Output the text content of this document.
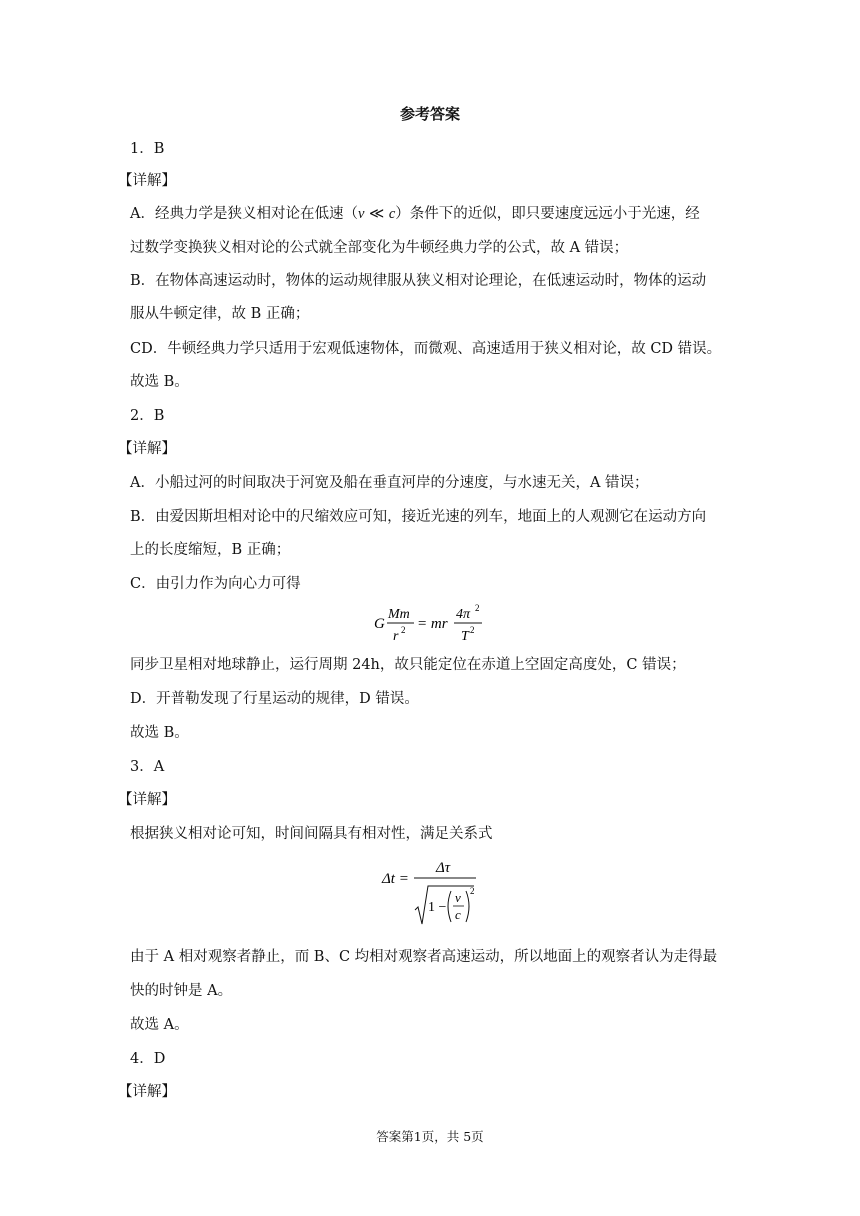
参考答案
1．B
【详解】
A．经典力学是狭义相对论在低速（v ≪ c）条件下的近似，即只要速度远远小于光速，经
过数学变换狭义相对论的公式就全部变化为牛顿经典力学的公式，故 A 错误；
B．在物体高速运动时，物体的运动规律服从狭义相对论理论，在低速运动时，物体的运动
服从牛顿定律，故 B 正确；
CD．牛顿经典力学只适用于宏观低速物体，而微观、高速适用于狭义相对论，故 CD 错误。
故选 B。
2．B
【详解】
A．小船过河的时间取决于河宽及船在垂直河岸的分速度，与水速无关，A 错误；
B．由爱因斯坦相对论中的尺缩效应可知，接近光速的列车，地面上的人观测它在运动方向
上的长度缩短，B 正确；
C．由引力作为向心力可得
G
Mm
r 2 = mr
4π 2
T 2
同步卫星相对地球静止，运行周期 24h，故只能定位在赤道上空固定高度处，C 错误；
D．开普勒发现了行星运动的规律，D 错误。
故选 B。
3．A
【详解】
根据狭义相对论可知，时间间隔具有相对性，满足关系式
Δt =
Δτ
1 −
v
c
2
由于 A 相对观察者静止，而 B、C 均相对观察者高速运动，所以地面上的观察者认为走得最
快的时钟是 A。
故选 A。
4．D
【详解】
答案第1页，共 5页
